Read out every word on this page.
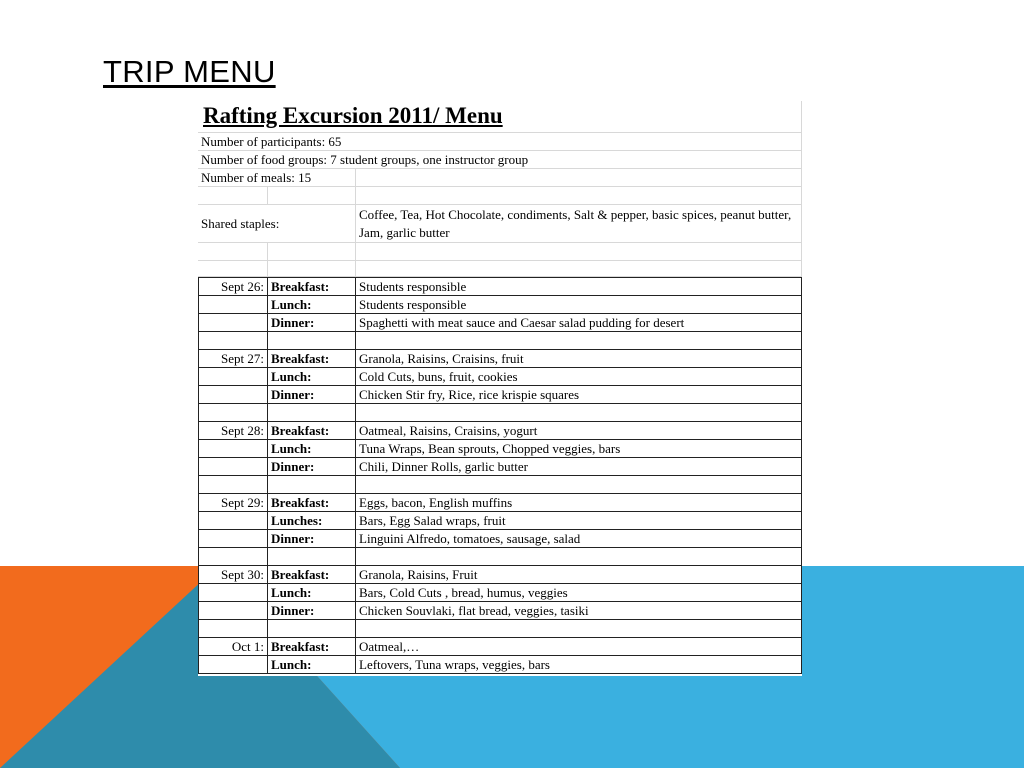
TRIP MENU
Rafting Excursion 2011/ Menu
Number of participants: 65
Number of food groups: 7 student groups, one instructor group
Number of meals: 15
Shared staples:
Coffee, Tea, Hot Chocolate, condiments, Salt & pepper, basic spices, peanut butter, Jam, garlic butter
Sept 26: Breakfast:	Students responsible
Lunch:	Students responsible
Dinner:	Spaghetti with meat sauce and Caesar salad pudding for desert
Sept 27: Breakfast:	Granola, Raisins, Craisins, fruit
Lunch:	Cold Cuts, buns, fruit, cookies
Dinner:	Chicken Stir fry, Rice, rice krispie squares
Sept 28: Breakfast:	Oatmeal, Raisins, Craisins, yogurt
Lunch:	Tuna Wraps, Bean sprouts, Chopped veggies, bars
Dinner:	Chili, Dinner Rolls, garlic butter
Sept 29: Breakfast:	Eggs, bacon, English muffins
Lunches:	Bars, Egg Salad wraps, fruit
Dinner:	Linguini Alfredo, tomatoes, sausage, salad
Sept 30: Breakfast:	Granola, Raisins, Fruit
Lunch:	Bars, Cold Cuts , bread, humus, veggies
Dinner:	Chicken Souvlaki, flat bread, veggies, tasiki
Oct 1: Breakfast:	Oatmeal,…
Lunch:	Leftovers, Tuna wraps, veggies, bars
